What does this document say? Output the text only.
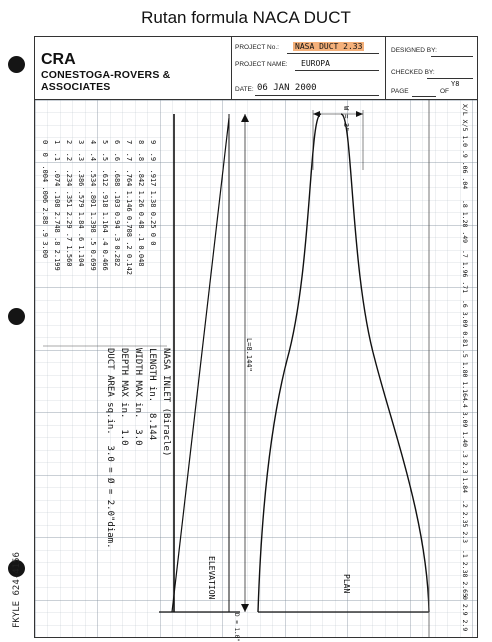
Rutan formula NACA DUCT
CRA
CONESTOGA-ROVERS & ASSOCIATES
PROJECT No.: NASA DUCT 2.33
PROJECT NAME: EUROPA
DATE: 06 JAN 2000
DESIGNED BY:
CHECKED BY:
PAGE	OF
Y8
0  0  .004 .006 2.88 .9 3.00
1  .1  .074 .108 2.748 .8 2.199
2  .2  .234 .351 2.29 .7 1.560
3  .3  .386 .579 1.84 .6 1.104
4  .4  .534 .801 1.398 .5 0.699
5  .5  .612 .918 1.164 .4 0.466
6  .6  .688 .103 0.94 .3 0.282
7  .7  .764 1.146 0.708 .2 0.142
8  .8  .842 1.26 0.48 .1 0.048
9  .9  .917 1.38 0.25 0 0
NASA INLET (Biracle)
LENGTH in.  8.144
WIDTH MAX in.  3.0
DEPTH MAX in.  1.0
DUCT AREA sq.in.  3.0 = Ø = 2.0"diam.
L=8.144"
ELEVATION	PLAN
W = 3"
D = 1.0"
X/L X/5 1.0
.9 .06 .04
.8 1.28 .49
.7 1.96 .71
.6 3.09 0.81
.5 1.80 1.164
.4 3.09 1.40
.3 2.3 1.84
.2 2.35 2.3
.1 2.38 2.65
0 2.9 2.9
FKYLE 624-4156
